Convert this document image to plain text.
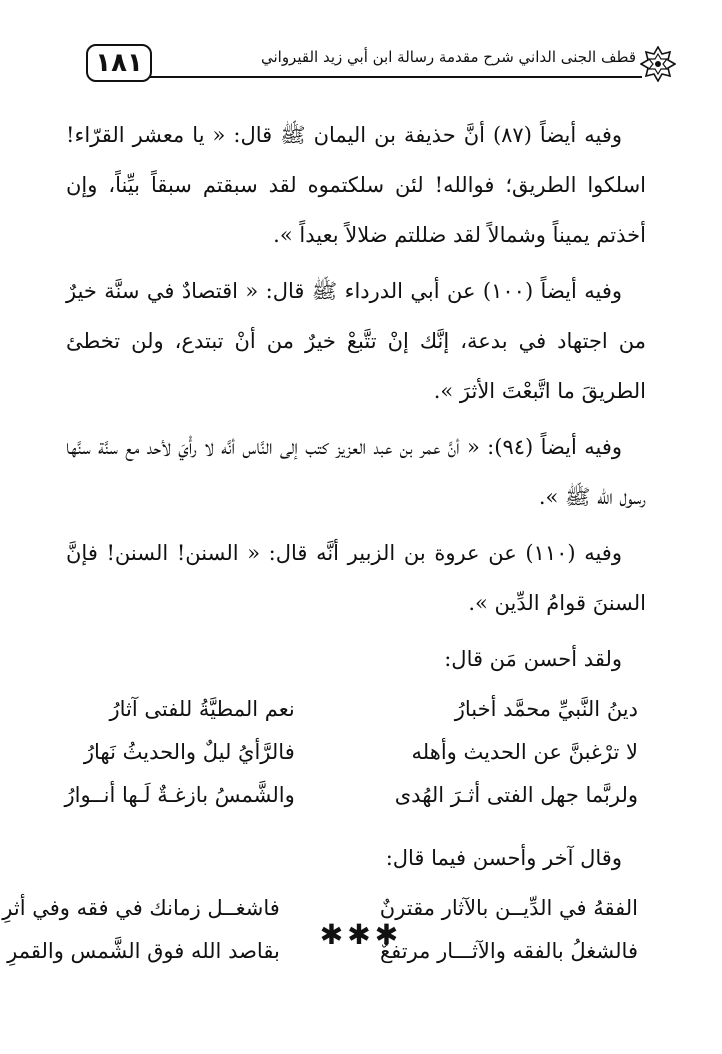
١٨١	قطف الجنى الداني شرح مقدمة رسالة ابن أبي زيد القيرواني

وفيه أيضاً (٨٧) أنَّ حذيفة بن اليمان ﷺ قال: « يا معشر القرّاء! اسلكوا الطريق؛ فوالله! لئن سلكتموه لقد سبقتم سبقاً بيِّناً، وإن أخذتم يميناً وشمالاً لقد ضللتم ضلالاً بعيداً ».

وفيه أيضاً (١٠٠) عن أبي الدرداء ﷺ قال: « اقتصادٌ في سنَّة خيرٌ من اجتهاد في بدعة، إنَّك إنْ تتَّبعْ خيرٌ من أنْ تبتدع، ولن تخطئ الطريقَ ما اتَّبعْتَ الأثرَ ».

وفيه أيضاً (٩٤): « أنَّ عمر بن عبد العزيز كتب إلى النَّاس أنَّه لا رأْيَ لأحد مع سنَّة سنَّها رسول الله ﷺ ».

وفيه (١١٠) عن عروة بن الزبير أنَّه قال: « السنن! السنن! فإنَّ السننَ قوامُ الدِّين ».

ولقد أحسن مَن قال:

دينُ النَّبيِّ محمَّد أخبارُ
نعم المطيَّةُ للفتى آثارُ
لا ترْغبنَّ عن الحديث وأهله
فالرَّأيُ ليلٌ والحديثُ نَهارُ
ولربَّما جهل الفتى أثـرَ الهُدى
والشَّمسُ بازغـةٌ لَـها أنــوارُ

وقال آخر وأحسن فيما قال:

الفقهُ في الدِّيــن بالآثار مقترنٌ
فاشغــل زمانك في فقه وفي أثرِ
فالشغلُ بالفقه والآثـــار مرتفعٌ
بقاصد الله فوق الشَّمس والقمرِ	✱✱✱
